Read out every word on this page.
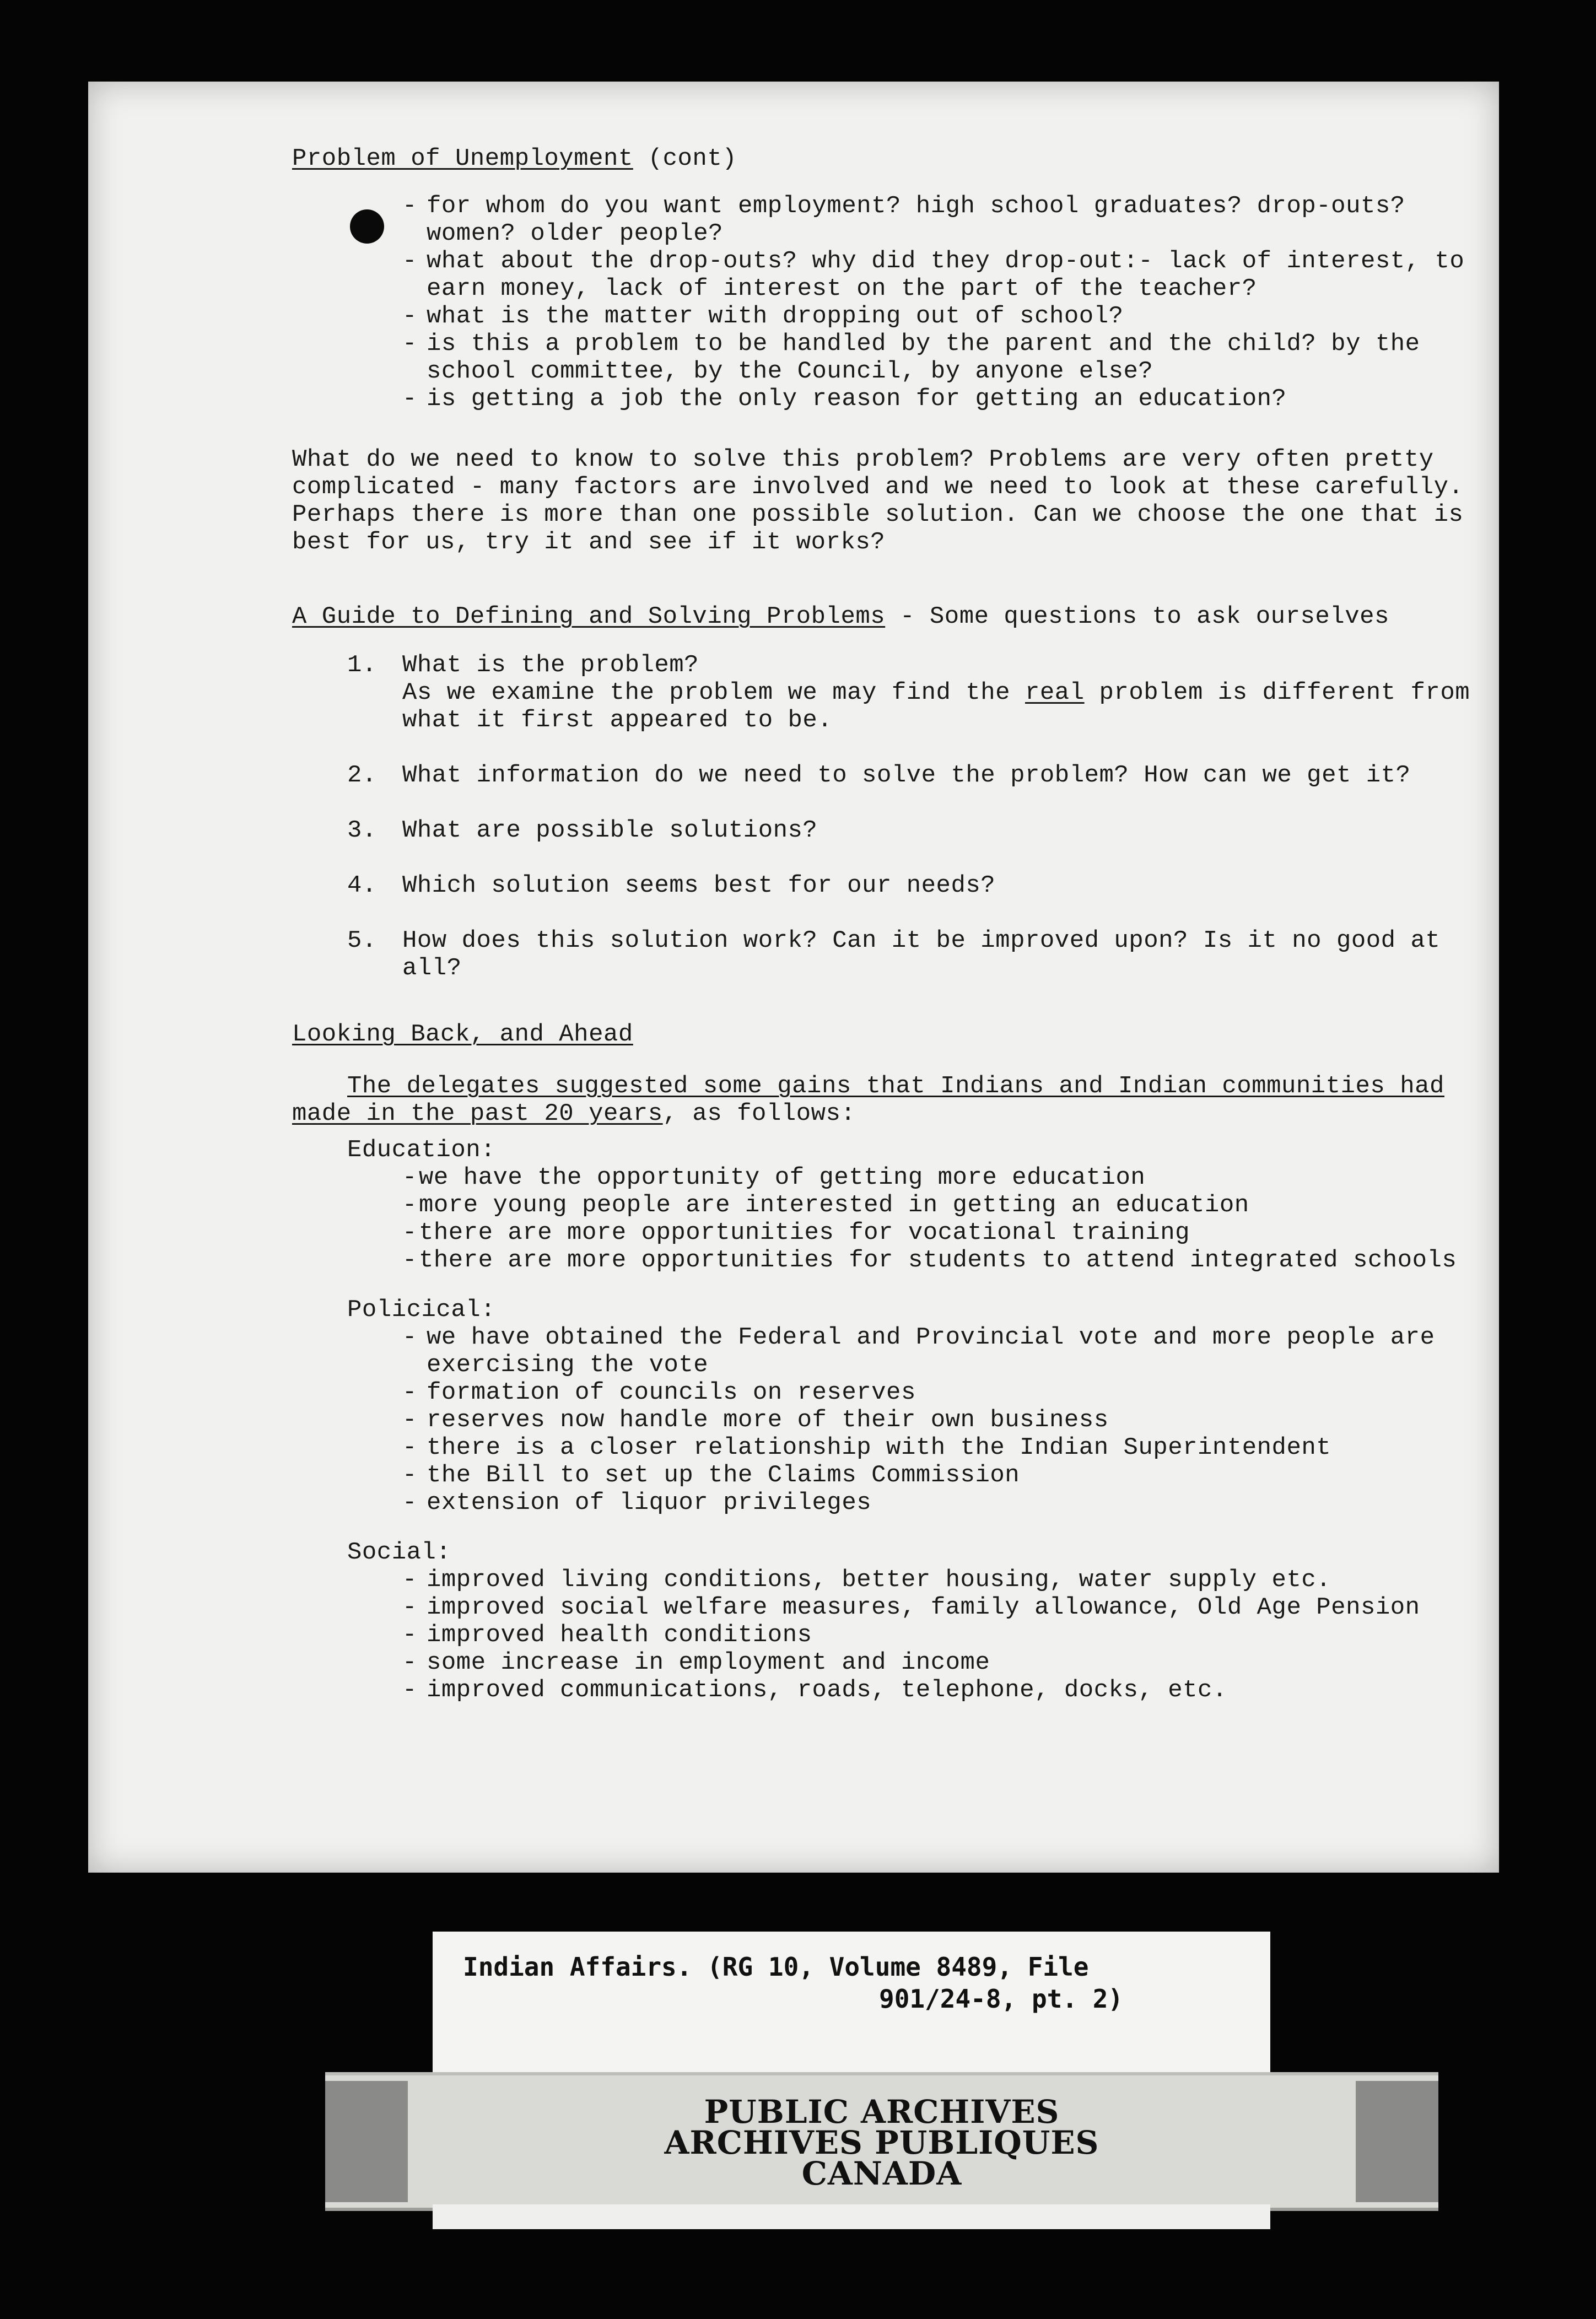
Problem of Unemployment (cont)

- for whom do you want employment? high school graduates? drop-outs? women? older people?
- what about the drop-outs? why did they drop-out:- lack of interest, to earn money, lack of interest on the part of the teacher?
- what is the matter with dropping out of school?
- is this a problem to be handled by the parent and the child? by the school committee, by the Council, by anyone else?
- is getting a job the only reason for getting an education?

What do we need to know to solve this problem? Problems are very often pretty complicated - many factors are involved and we need to look at these carefully. Perhaps there is more than one possible solution. Can we choose the one that is best for us, try it and see if it works?

A Guide to Defining and Solving Problems - Some questions to ask ourselves

1.	What is the problem?
As we examine the problem we may find the real problem is different from what it first appeared to be.
2.	What information do we need to solve the problem? How can we get it?
3.	What are possible solutions?
4.	Which solution seems best for our needs?
5.	How does this solution work? Can it be improved upon? Is it no good at all?

Looking Back, and Ahead

The delegates suggested some gains that Indians and Indian communities had made in the past 20 years, as follows:

Education:

- we have the opportunity of getting more education
- more young people are interested in getting an education
- there are more opportunities for vocational training
- there are more opportunities for students to attend integrated schools

Policical:

- we have obtained the Federal and Provincial vote and more people are exercising the vote
- formation of councils on reserves
- reserves now handle more of their own business
- there is a closer relationship with the Indian Superintendent
- the Bill to set up the Claims Commission
- extension of liquor privileges

Social:

- improved living conditions, better housing, water supply etc.
- improved social welfare measures, family allowance, Old Age Pension
- improved health conditions
- some increase in employment and income
- improved communications, roads, telephone, docks, etc.
Indian Affairs. (RG 10, Volume 8489, File
901/24-8, pt. 2)
PUBLIC ARCHIVES
ARCHIVES PUBLIQUES
CANADA
